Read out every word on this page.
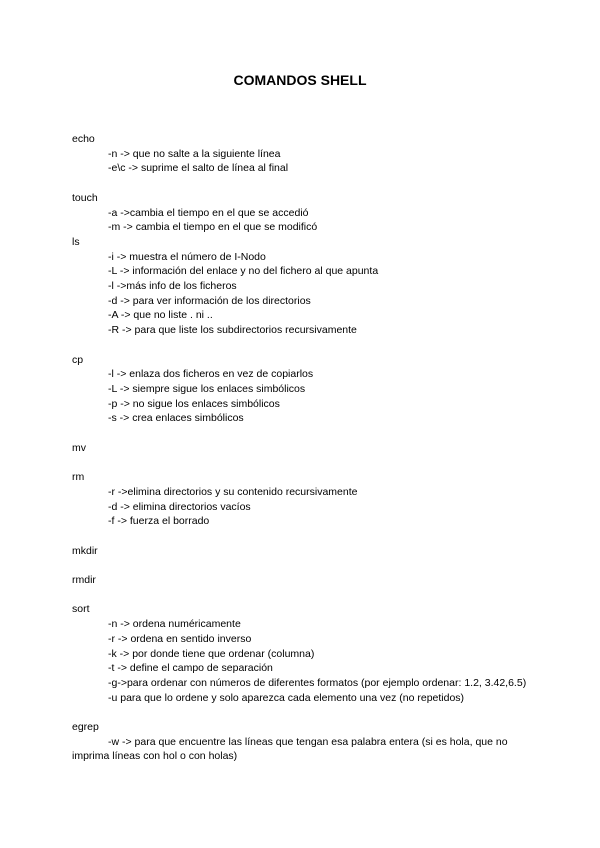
COMANDOS SHELL
echo
-n -> que no salte a la siguiente línea
-e\c -> suprime el salto de línea al final
touch
-a ->cambia el tiempo en el que se accedió
-m -> cambia el tiempo en el que se modificó
ls
-i -> muestra el número de I-Nodo
-L -> información del enlace y no del fichero al que apunta
-l ->más info de los ficheros
-d -> para ver información de los directorios
-A -> que no liste . ni ..
-R -> para que liste los subdirectorios recursivamente
cp
-l -> enlaza dos ficheros en vez de copiarlos
-L -> siempre sigue los enlaces simbólicos
-p -> no sigue los enlaces simbólicos
-s -> crea enlaces simbólicos
mv
rm
-r ->elimina directorios y su contenido recursivamente
-d -> elimina directorios vacíos
-f -> fuerza el borrado
mkdir
rmdir
sort
-n -> ordena numéricamente
-r -> ordena en sentido inverso
-k -> por donde tiene que ordenar (columna)
-t -> define el campo de separación
-g->para ordenar con números de diferentes formatos (por ejemplo ordenar: 1.2, 3.42,6.5)
-u para que lo ordene y solo aparezca cada elemento una vez (no repetidos)
egrep
-w -> para que encuentre las líneas que tengan esa palabra entera (si es hola, que no imprima líneas con hol o con holas)
